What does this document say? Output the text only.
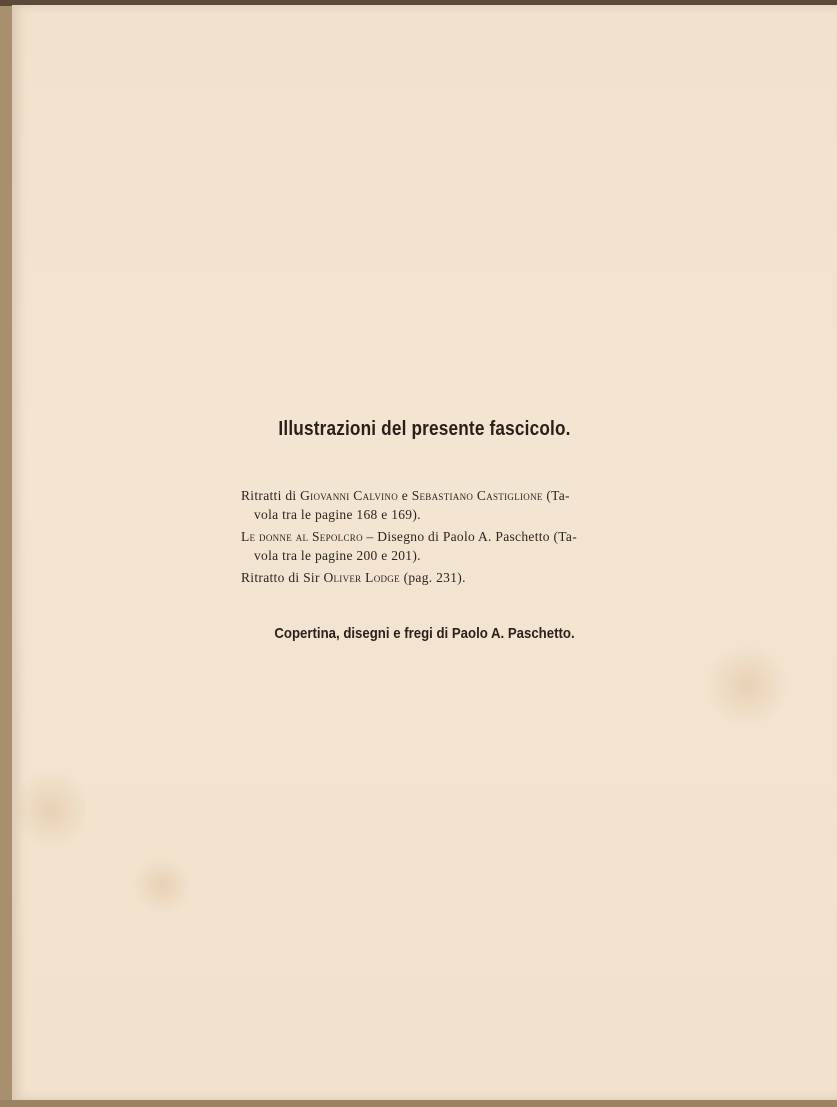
Illustrazioni del presente fascicolo.
Ritratti di Giovanni Calvino e Sebastiano Castiglione (Ta-
vola tra le pagine 168 e 169).
Le donne al Sepolcro – Disegno di Paolo A. Paschetto (Ta-
vola tra le pagine 200 e 201).
Ritratto di Sir Oliver Lodge (pag. 231).
Copertina, disegni e fregi di Paolo A. Paschetto.
